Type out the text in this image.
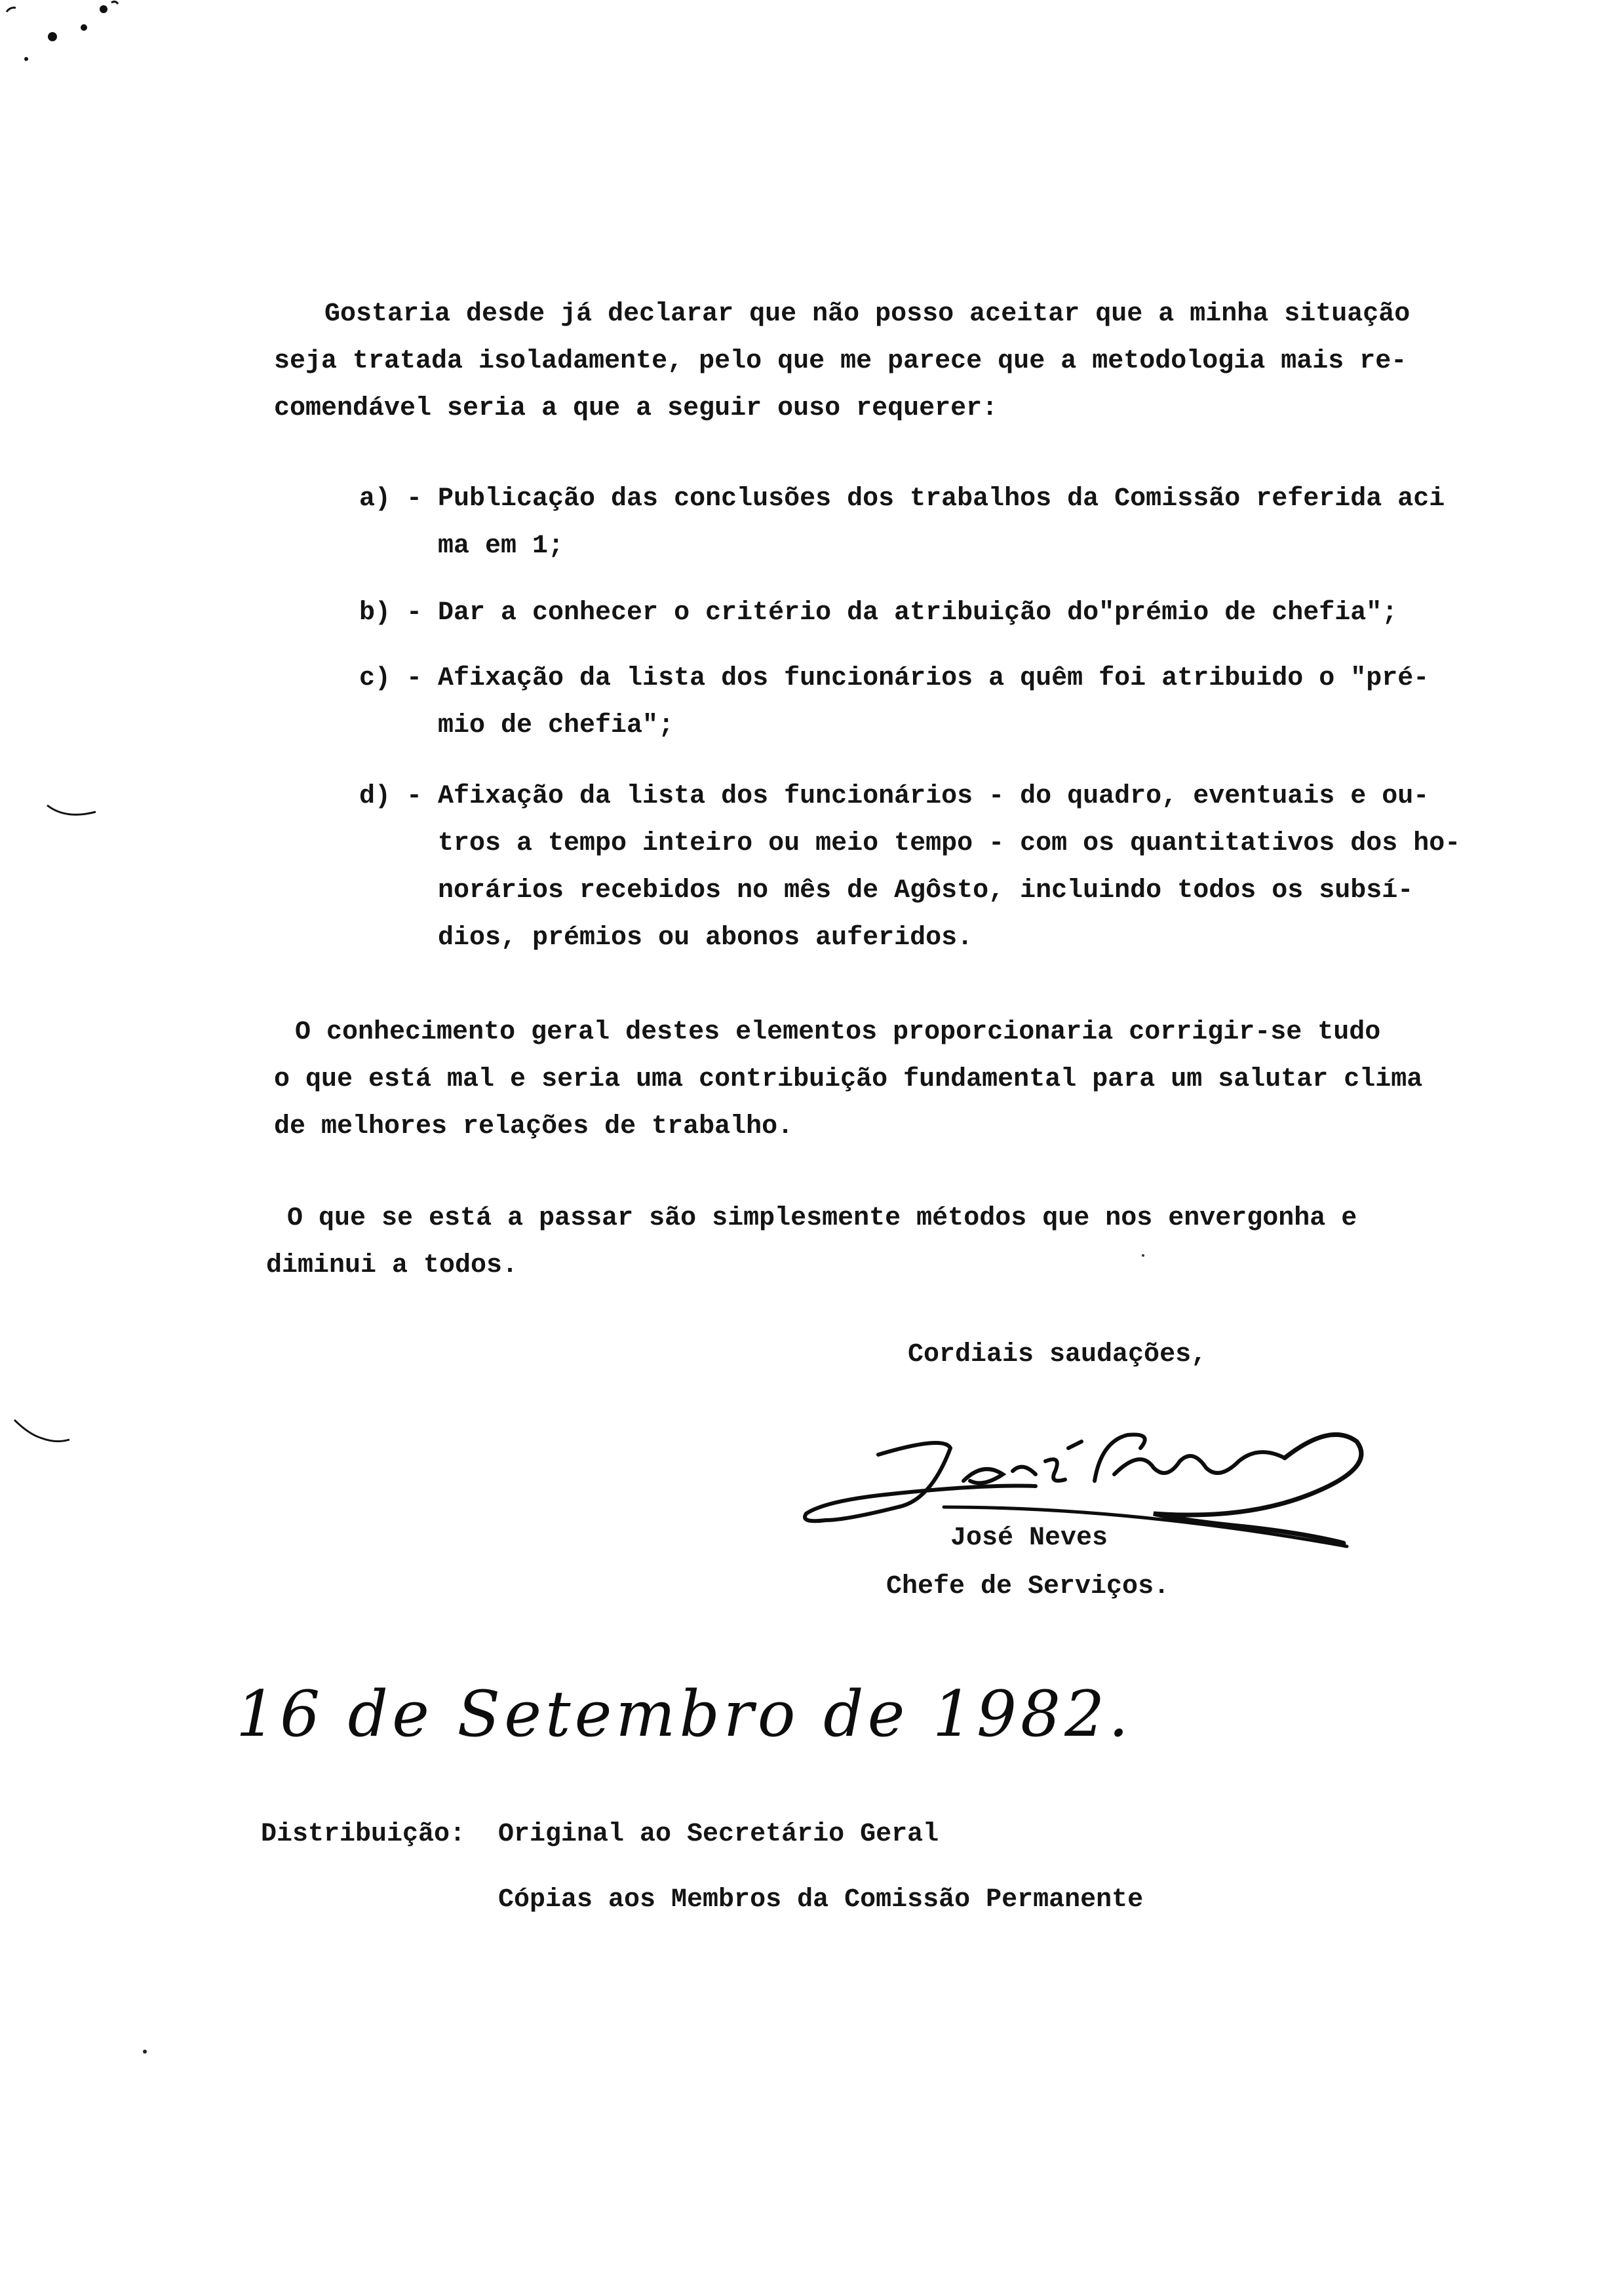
Gostaria desde já declarar que não posso aceitar que a minha situação
seja tratada isoladamente, pelo que me parece que a metodologia mais re-
comendável seria a que a seguir ouso requerer:
a) - Publicação das conclusões dos trabalhos da Comissão referida aci
ma em 1;
b) - Dar a conhecer o critério da atribuição do"prémio de chefia";
c) - Afixação da lista dos funcionários a quêm foi atribuido o "pré-
mio de chefia";
d) - Afixação da lista dos funcionários - do quadro, eventuais e ou-
tros a tempo inteiro ou meio tempo - com os quantitativos dos ho-
norários recebidos no mês de Agôsto, incluindo todos os subsí-
dios, prémios ou abonos auferidos.
O conhecimento geral destes elementos proporcionaria corrigir-se tudo
o que está mal e seria uma contribuição fundamental para um salutar clima
de melhores relações de trabalho.
O que se está a passar são simplesmente métodos que nos envergonha e
diminui a todos.
Cordiais saudações,
José Neves
Chefe de Serviços.
16 de Setembro de 1982.
Distribuição: Original ao Secretário Geral
Cópias aos Membros da Comissão Permanente
